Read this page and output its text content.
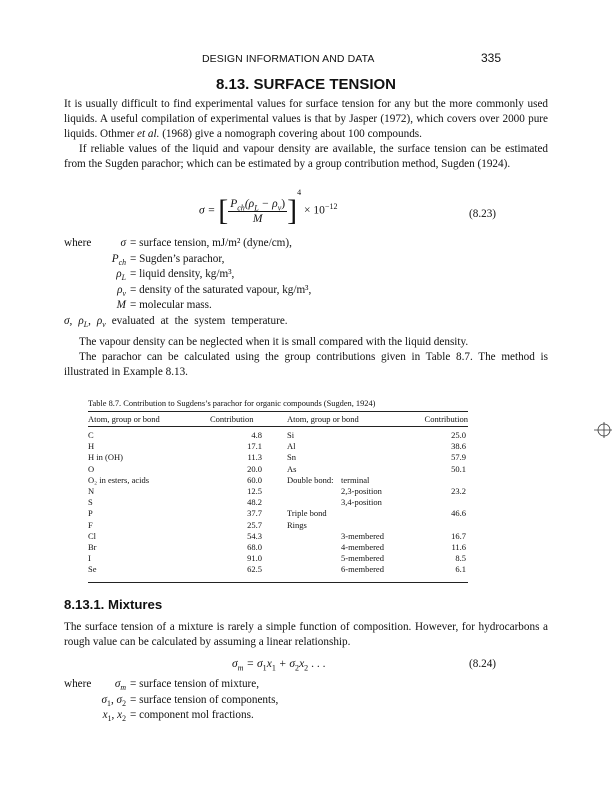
DESIGN INFORMATION AND DATA	335
8.13. SURFACE TENSION

It is usually difficult to find experimental values for surface tension for any but the more commonly used liquids. A useful compilation of experimental values is that by Jasper (1972), which covers over 2000 pure liquids. Othmer et al. (1968) give a nomograph covering about 100 compounds.

If reliable values of the liquid and vapour density are available, the surface tension can be estimated from the Sugden parachor; which can be estimated by a group contribution method, Sugden (1924).

σ = [ $\frac{P_{ch}(\rho_L - \rho_v)}{M} ]^4 \times 10^{-12}$
(8.23)
where	σ = surface tension, mJ/m² (dyne/cm),
$P_{ch}$ = Sugden’s parachor,
$\rho_L$ = liquid density, kg/m³,
$\rho_v$ = density of the saturated vapour, kg/m³,
M = molecular mass.
σ, $\rho_L$, $\rho_v$ evaluated at the system temperature.

The vapour density can be neglected when it is small compared with the liquid density.

The parachor can be calculated using the group contributions given in Table 8.7. The method is illustrated in Example 8.13.

Table 8.7. Contribution to Sugdens’s parachor for organic compounds (Sugden, 1924)
Atom, group or bond	Contribution	Atom, group or bond	Contribution
C	4.8	Si	25.0
H	17.1	Al	38.6
H in (OH)	11.3	Sn	57.9
O	20.0	As	50.1
O₂ in esters, acids	60.0	Double bond: terminal
N	12.5	2,3-position	23.2
S	48.2	3,4-position
P	37.7	Triple bond	46.6
F	25.7	Rings
Cl	54.3	3-membered	16.7
Br	68.0	4-membered	11.6
I	91.0	5-membered	8.5
Se	62.5	6-membered	6.1
8.13.1. Mixtures

The surface tension of a mixture is rarely a simple function of composition. However, for hydrocarbons a rough value can be calculated by assuming a linear relationship.

$\sigma_m = \sigma_1x_1 + \sigma_2x_2$ . . .	(8.24)
where	$\sigma_m$ = surface tension of mixture,
$\sigma_1$, $\sigma_2$ = surface tension of components,
$x_1$, $x_2$ = component mol fractions.
